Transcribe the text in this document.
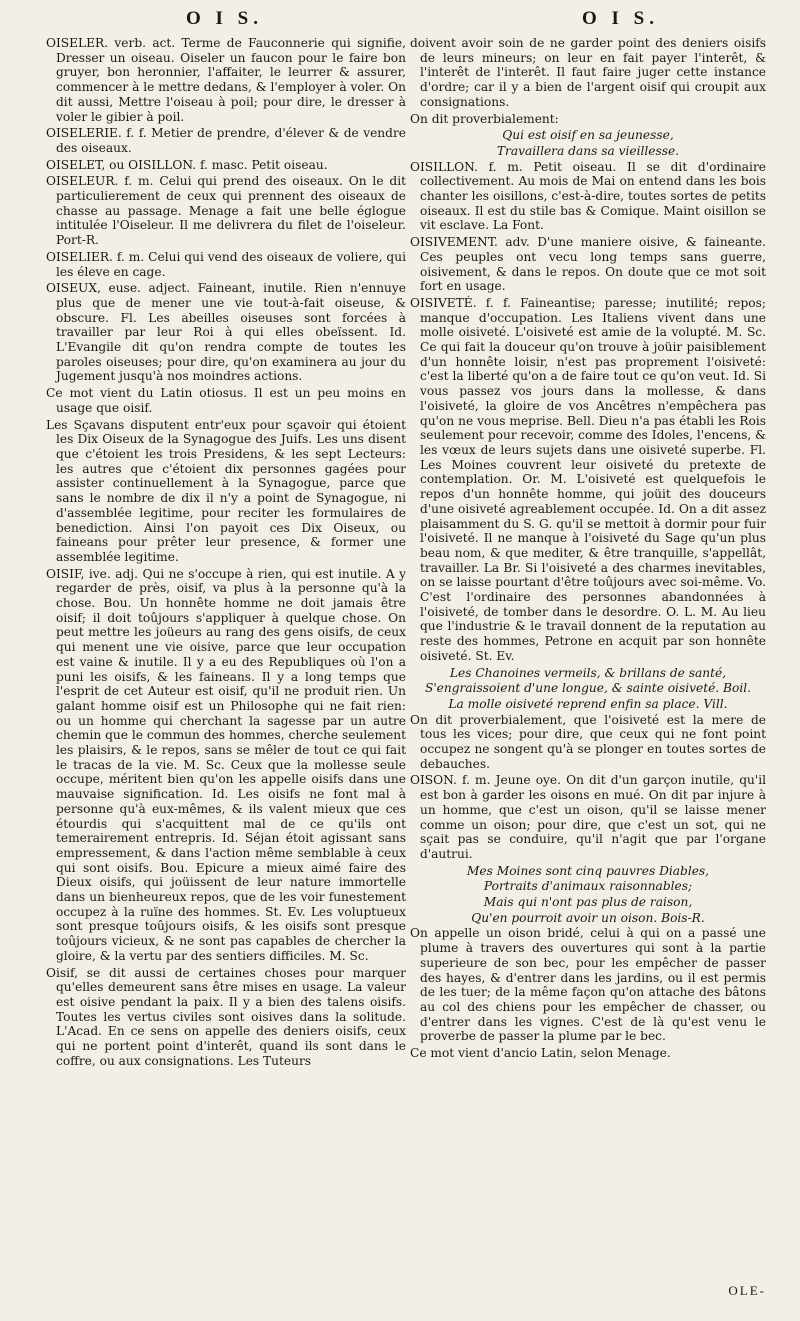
O I S.	O I S.

OISELER. verb. act. Terme de Fauconnerie qui signifie, Dresser un oiseau. Oiseler un faucon pour le faire bon gruyer, bon heronnier, l'affaiter, le leurrer & assurer, commencer à le mettre dedans, & l'employer à voler. On dit aussi, Mettre l'oiseau à poil; pour dire, le dresser à voler le gibier à poil.

OISELERIE. f. f. Metier de prendre, d'élever & de vendre des oiseaux.

OISELET, ou OISILLON. f. masc. Petit oiseau.

OISELEUR. f. m. Celui qui prend des oiseaux. On le dit particulierement de ceux qui prennent des oiseaux de chasse au passage. Menage a fait une belle églogue intitulée l'Oiseleur. Il me delivrera du filet de l'oiseleur. Port-R.

OISELIER. f. m. Celui qui vend des oiseaux de voliere, qui les éleve en cage.

OISEUX, euse. adject. Faineant, inutile. Rien n'ennuye plus que de mener une vie tout-à-fait oiseuse, & obscure. Fl. Les abeilles oiseuses sont forcées à travailler par leur Roi à qui elles obeïssent. Id. L'Evangile dit qu'on rendra compte de toutes les paroles oiseuses; pour dire, qu'on examinera au jour du Jugement jusqu'à nos moindres actions.

Ce mot vient du Latin otiosus. Il est un peu moins en usage que oisif.

Les Sçavans disputent entr'eux pour sçavoir qui étoient les Dix Oiseux de la Synagogue des Juifs. Les uns disent que c'étoient les trois Presidens, & les sept Lecteurs: les autres que c'étoient dix personnes gagées pour assister continuellement à la Synagogue, parce que sans le nombre de dix il n'y a point de Synagogue, ni d'assemblée legitime, pour reciter les formulaires de benediction. Ainsi l'on payoit ces Dix Oiseux, ou faineans pour prêter leur presence, & former une assemblée legitime.

OISIF, ive. adj. Qui ne s'occupe à rien, qui est inutile. A y regarder de près, oisif, va plus à la personne qu'à la chose. Bou. Un honnête homme ne doit jamais être oisif; il doit toûjours s'appliquer à quelque chose. On peut mettre les joüeurs au rang des gens oisifs, de ceux qui menent une vie oisive, parce que leur occupation est vaine & inutile. Il y a eu des Republiques où l'on a puni les oisifs, & les faineans. Il y a long temps que l'esprit de cet Auteur est oisif, qu'il ne produit rien. Un galant homme oisif est un Philosophe qui ne fait rien: ou un homme qui cherchant la sagesse par un autre chemin que le commun des hommes, cherche seulement les plaisirs, & le repos, sans se mêler de tout ce qui fait le tracas de la vie. M. Sc. Ceux que la mollesse seule occupe, méritent bien qu'on les appelle oisifs dans une mauvaise signification. Id. Les oisifs ne font mal à personne qu'à eux-mêmes, & ils valent mieux que ces étourdis qui s'acquittent mal de ce qu'ils ont temerairement entrepris. Id. Séjan étoit agissant sans empressement, & dans l'action même semblable à ceux qui sont oisifs. Bou. Epicure a mieux aimé faire des Dieux oisifs, qui joüissent de leur nature immortelle dans un bienheureux repos, que de les voir funestement occupez à la ruïne des hommes. St. Ev. Les voluptueux sont presque toûjours oisifs, & les oisifs sont presque toûjours vicieux, & ne sont pas capables de chercher la gloire, & la vertu par des sentiers difficiles. M. Sc.

Oisif, se dit aussi de certaines choses pour marquer qu'elles demeurent sans être mises en usage. La valeur est oisive pendant la paix. Il y a bien des talens oisifs. Toutes les vertus civiles sont oisives dans la solitude. L'Acad. En ce sens on appelle des deniers oisifs, ceux qui ne portent point d'interêt, quand ils sont dans le coffre, ou aux consignations. Les Tuteurs

doivent avoir soin de ne garder point des deniers oisifs de leurs mineurs; on leur en fait payer l'interêt, & l'interêt de l'interêt. Il faut faire juger cette instance d'ordre; car il y a bien de l'argent oisif qui croupit aux consignations.

On dit proverbialement:

Qui est oisif en sa jeunesse,
Travaillera dans sa vieillesse.

OISILLON. f. m. Petit oiseau. Il se dit d'ordinaire collectivement. Au mois de Mai on entend dans les bois chanter les oisillons, c'est-à-dire, toutes sortes de petits oiseaux. Il est du stile bas & Comique. Maint oisillon se vit esclave. La Font.

OISIVEMENT. adv. D'une maniere oisive, & faineante. Ces peuples ont vecu long temps sans guerre, oisivement, & dans le repos. On doute que ce mot soit fort en usage.

OISIVETÉ. f. f. Faineantise; paresse; inutilité; repos; manque d'occupation. Les Italiens vivent dans une molle oisiveté. L'oisiveté est amie de la volupté. M. Sc. Ce qui fait la douceur qu'on trouve à joüir paisiblement d'un honnête loisir, n'est pas proprement l'oisiveté: c'est la liberté qu'on a de faire tout ce qu'on veut. Id. Si vous passez vos jours dans la mollesse, & dans l'oisiveté, la gloire de vos Ancêtres n'empêchera pas qu'on ne vous meprise. Bell. Dieu n'a pas établi les Rois seulement pour recevoir, comme des Idoles, l'encens, & les vœux de leurs sujets dans une oisiveté superbe. Fl. Les Moines couvrent leur oisiveté du pretexte de contemplation. Or. M. L'oisiveté est quelquefois le repos d'un honnête homme, qui joüit des douceurs d'une oisiveté agreablement occupée. Id. On a dit assez plaisamment du S. G. qu'il se mettoit à dormir pour fuir l'oisiveté. Il ne manque à l'oisiveté du Sage qu'un plus beau nom, & que mediter, & être tranquille, s'appellât, travailler. La Br. Si l'oisiveté a des charmes inevitables, on se laisse pourtant d'être toûjours avec soi-même. Vo. C'est l'ordinaire des personnes abandonnées à l'oisiveté, de tomber dans le desordre. O. L. M. Au lieu que l'industrie & le travail donnent de la reputation au reste des hommes, Petrone en acquit par son honnête oisiveté. St. Ev.

Les Chanoines vermeils, & brillans de santé,
S'engraissoient d'une longue, & sainte oisiveté. Boil.
La molle oisiveté reprend enfin sa place. Vill.

On dit proverbialement, que l'oisiveté est la mere de tous les vices; pour dire, que ceux qui ne font point occupez ne songent qu'à se plonger en toutes sortes de debauches.

OISON. f. m. Jeune oye. On dit d'un garçon inutile, qu'il est bon à garder les oisons en mué. On dit par injure à un homme, que c'est un oison, qu'il se laisse mener comme un oison; pour dire, que c'est un sot, qui ne sçait pas se conduire, qu'il n'agit que par l'organe d'autrui.

Mes Moines sont cinq pauvres Diables,
Portraits d'animaux raisonnables;
Mais qui n'ont pas plus de raison,
Qu'en pourroit avoir un oison. Bois-R.

On appelle un oison bridé, celui à qui on a passé une plume à travers des ouvertures qui sont à la partie superieure de son bec, pour les empêcher de passer des hayes, & d'entrer dans les jardins, ou il est permis de les tuer; de la même façon qu'on attache des bâtons au col des chiens pour les empêcher de chasser, ou d'entrer dans les vignes. C'est de là qu'est venu le proverbe de passer la plume par le bec.

Ce mot vient d'ancio Latin, selon Menage.

OLE-
